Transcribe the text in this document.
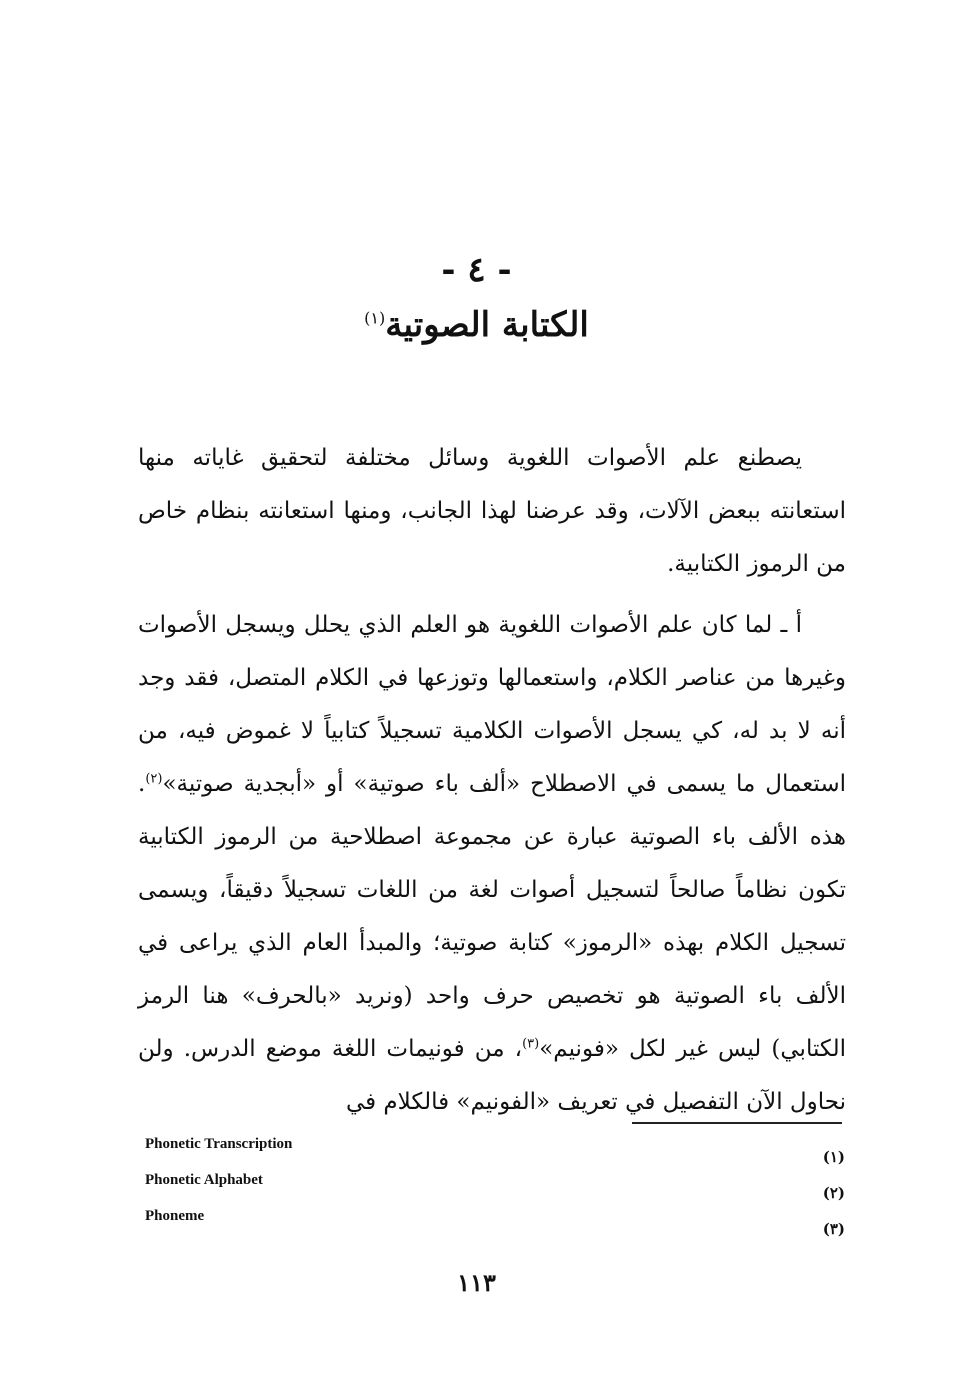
- ٤ -
الكتابة الصوتية$^{(١)}$

يصطنع علم الأصوات اللغوية وسائل مختلفة لتحقيق غاياته منها استعانته ببعض الآلات، وقد عرضنا لهذا الجانب، ومنها استعانته بنظام خاص من الرموز الكتابية.

أ ـ لما كان علم الأصوات اللغوية هو العلم الذي يحلل ويسجل الأصوات وغيرها من عناصر الكلام، واستعمالها وتوزعها في الكلام المتصل، فقد وجد أنه لا بد له، كي يسجل الأصوات الكلامية تسجيلاً كتابياً لا غموض فيه، من استعمال ما يسمى في الاصطلاح «ألف باء صوتية» أو «أبجدية صوتية»$^{(٢)}$. هذه الألف باء الصوتية عبارة عن مجموعة اصطلاحية من الرموز الكتابية تكون نظاماً صالحاً لتسجيل أصوات لغة من اللغات تسجيلاً دقيقاً، ويسمى تسجيل الكلام بهذه «الرموز» كتابة صوتية؛ والمبدأ العام الذي يراعى في الألف باء الصوتية هو تخصيص حرف واحد (ونريد «بالحرف» هنا الرمز الكتابي) ليس غير لكل «فونيم»$^{(٣)}$، من فونيمات اللغة موضع الدرس. ولن نحاول الآن التفصيل في تعريف «الفونيم» فالكلام في

Phonetic Transcription
(١)
Phonetic Alphabet
(٢)
Phoneme
(٣)
١١٣
